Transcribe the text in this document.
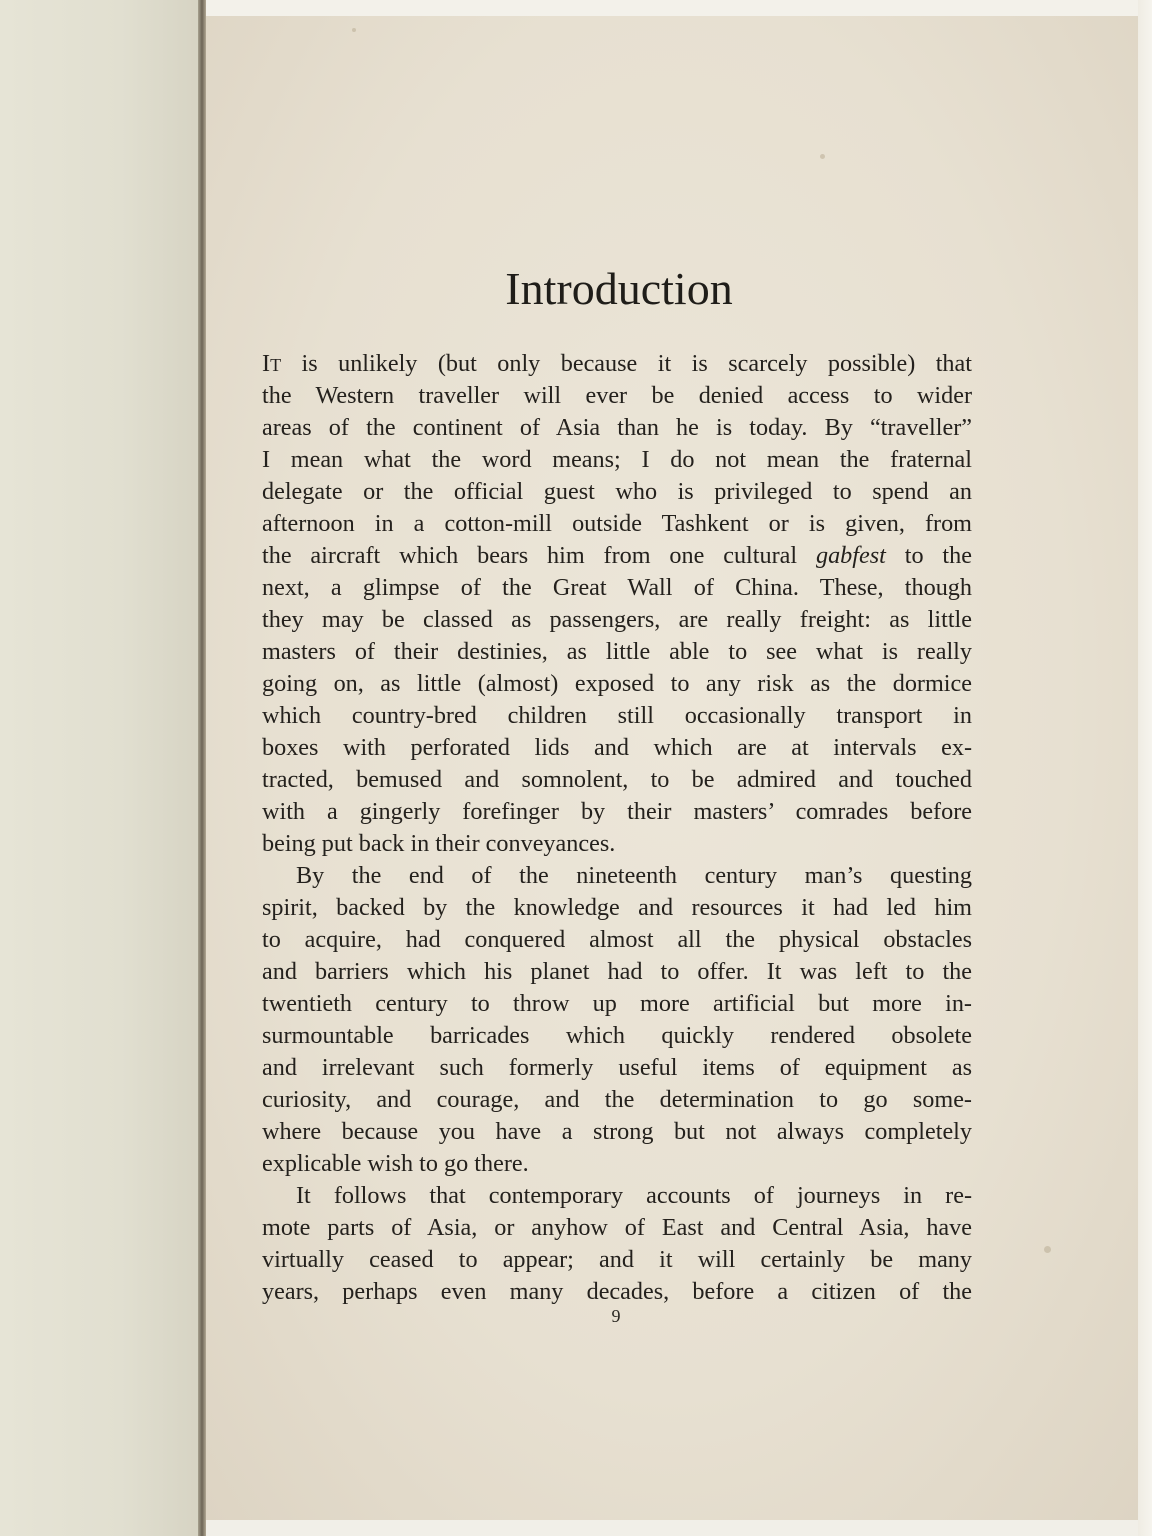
Introduction
IT is unlikely (but only because it is scarcely possible) that
the Western traveller will ever be denied access to wider
areas of the continent of Asia than he is today. By “traveller”
I mean what the word means; I do not mean the fraternal
delegate or the official guest who is privileged to spend an
afternoon in a cotton-mill outside Tashkent or is given, from
the aircraft which bears him from one cultural gabfest to the
next, a glimpse of the Great Wall of China. These, though
they may be classed as passengers, are really freight: as little
masters of their destinies, as little able to see what is really
going on, as little (almost) exposed to any risk as the dormice
which country-bred children still occasionally transport in
boxes with perforated lids and which are at intervals ex-
tracted, bemused and somnolent, to be admired and touched
with a gingerly forefinger by their masters’ comrades before
being put back in their conveyances.
By the end of the nineteenth century man’s questing
spirit, backed by the knowledge and resources it had led him
to acquire, had conquered almost all the physical obstacles
and barriers which his planet had to offer. It was left to the
twentieth century to throw up more artificial but more in-
surmountable barricades which quickly rendered obsolete
and irrelevant such formerly useful items of equipment as
curiosity, and courage, and the determination to go some-
where because you have a strong but not always completely
explicable wish to go there.
It follows that contemporary accounts of journeys in re-
mote parts of Asia, or anyhow of East and Central Asia, have
virtually ceased to appear; and it will certainly be many
years, perhaps even many decades, before a citizen of the
9
